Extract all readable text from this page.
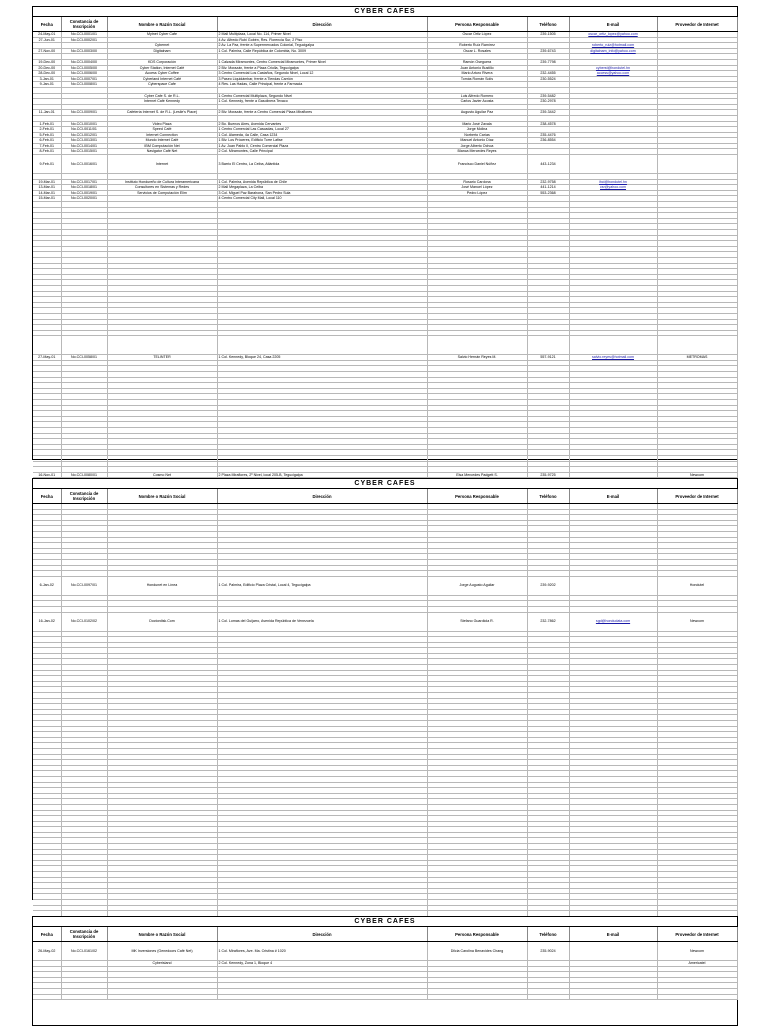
CYBER CAFES
Fecha	Constancia de Inscripción	Nombre o Razón Social	Dirección	Persona Responsable	Teléfono	E-mail	Proveedor de Internet
24-May-01	No.CCI-0001/01	Mytnet Cyber Cafe	2 Mall Multiplaza, Local No. 114, Primer Nivel	Oscar Ortiz López	239-1505	oscar_ortiz_lopez@yahoo.com	
27-Jun-01	No.CCI-0002/01		4 Av. Alfredo Rubí Gobén, Res. Florencia Sur, 2 Piso				
		Cybernet	2 Av. La Paz, frente a Supermercados Colonial, Tegucigalpa	Roberto Ruíz Ramírez		roberto_ruiz@hotmail.com	
27-Nov-00	No.CCI-0003/00	Digitalnam	1 Col. Palmira, Calle República de Colombia, No. 3009	Oscar L. Rosales	239-6743	digitalnam_info@yahoo.com	

19-Dec-00	No.CCI-0004/00	KDS Corporación	1 Calzada Miramontes, Centro Comercial Miramontes, Primer Nivel	Ramón Oseguera	239-7798		
20-Dec-00	No.CCI-0005/00	Cyber Station, Internet Café	2 Blv. Morazán, frente a Plaza Criolla, Tegucigalpa	Juan Antonio Bustillo		cyberst@hondutel.hn	
28-Dec-00	No.CCI-0006/00	Access Cyber Coffee	3 Centro Comercial Los Castaños, Segundo Nivel, Local 12	Mario Arturo Rivera	232-4455	access@yahoo.com	
3-Jan-01	No.CCI-0007/01	Cyberland Internet Café	3 Paseo Liquidámbar, frente a Tiendas Carrión	Tomás Román Solís	230-5524		
9-Jan-01	No.CCI-0008/01	Cyberspace Cafe	4 Res. Las Hadas, Calle Principal, frente a Farmacia				

		Cyber Cafe S. de R.L.	1 Centro Comercial Multiplaza, Segundo Nivel	Luis Alfredo Romero	239-5482		
		Internet Café Kennedy	1 Col. Kennedy, frente a Gasolinera Texaco	Carlos Javier Acosta	230-2978		

11-Jan-01	No.CCI-0009/01	Cafetería Internet S. de R.L. (Leslie's Place)	2 Blv. Morazán, frente a Centro Comercial Plaza Miraflores	Augusto Aguilar Paz	239-3442		

1-Feb-01	No.CCI-0010/01	Video Plaza	2 Bo. Buenos Aires, Avenida Cervantes	Mario José Zavala	238-4578		
2-Feb-01	No.CCI-0011/01	Speed Café	1 Centro Comercial Las Cascadas, Local 27	Jorge Molina			
5-Feb-01	No.CCI-0012/01	Internet Connection	1 Col. Alameda, 4a Calle, Casa 1234	Norberto Carías	235-4476		
6-Feb-01	No.CCI-0013/01	Mundo Internet Café	1 Blv. Los Próceres, Edificio Torre Lafise	Manuel Antonio Díaz	236-8554		
7-Feb-01	No.CCI-0014/01	IBM Computación Net	1 Av. Juan Pablo II, Centro Comercial Plaza	Jorge Alberto Ochoa			
8-Feb-01	No.CCI-0015/01	Navigator Café Net	2 Col. Miramontes, Calle Principal	Blanca Mercedes Reyes			
9-Feb-01	No.CCI-0016/01	Internet	3 Barrio El Centro, La Ceiba, Atlántida	Francisco Daniel Núñez	443-1234		

19-Mar-01	No.CCI-0017/01	Instituto Hondureño de Cultura Interamericana	1 Col. Palmira, Avenida República de Chile	Rosario Cardona	232-9758	ihci@hondutel.hn	
13-Mar-01	No.CCI-0018/01	Consultores en Sistemas y Redes	2 Mall Megaplaza, La Ceiba	José Manuel López	441-1214	csr@yahoo.com	
14-Mar-01	No.CCI-0019/01	Servicios de Computación Elim	3 Col. Miguel Paz Barahona, San Pedro Sula	Pedro López	553-2368		
15-Mar-01	No.CCI-0020/01		4 Centro Comercial City Mall, Local 110				

27-May-01	No.CCI-0058/01	TELINTER	1 Col. Kennedy, Bloque 24, Casa 2205	Salvio Hernán Reyes M.	557-9121	salvio.reyes@hotmail.com	METROMAS

16-Nov-01	No.CCI-0080/01	Cosmo Net	2 Plaza Miraflores, 2º Nivel, local 205-B, Tegucigalpa	Elsa Mercedes Padgett S.	235-9725		Newcom
CYBER CAFES
Fecha	Constancia de Inscripción	Nombre o Razón Social	Dirección	Persona Responsable	Teléfono	E-mail	Proveedor de Internet

6-Jan-02	No.CCI-0097/01	Hondunet en Línea	1 Col. Palmira, Edificio Plaza Cristal, Local 4, Tegucigalpa	Jorge Augusto Aguilar	239-9202		Hondutel

16-Jan-02	No.CCI-0102/02	Doctordisk.Com	1 Col. Lomas del Guijarro, Avenida República de Venezuela	Stefano Guardiola R.	232-7862	sgd@hondudata.com	Newcom

CYBER CAFES
Fecha	Constancia de Inscripción	Nombre o Razón Social	Dirección	Persona Responsable	Teléfono	E-mail	Proveedor de Internet
26-May-02	No.CCI-0161/02	MK Inversiones (Genedoors Café Net)	1 Col. Miraflores, Ave. Ma. Cristina # 1020	Dilcia Carolina Benavides Chang	235-9024		Newcom
		Cyberisland	2 Col. Kennedy, Zona 1, Bloque 4				Americatel
